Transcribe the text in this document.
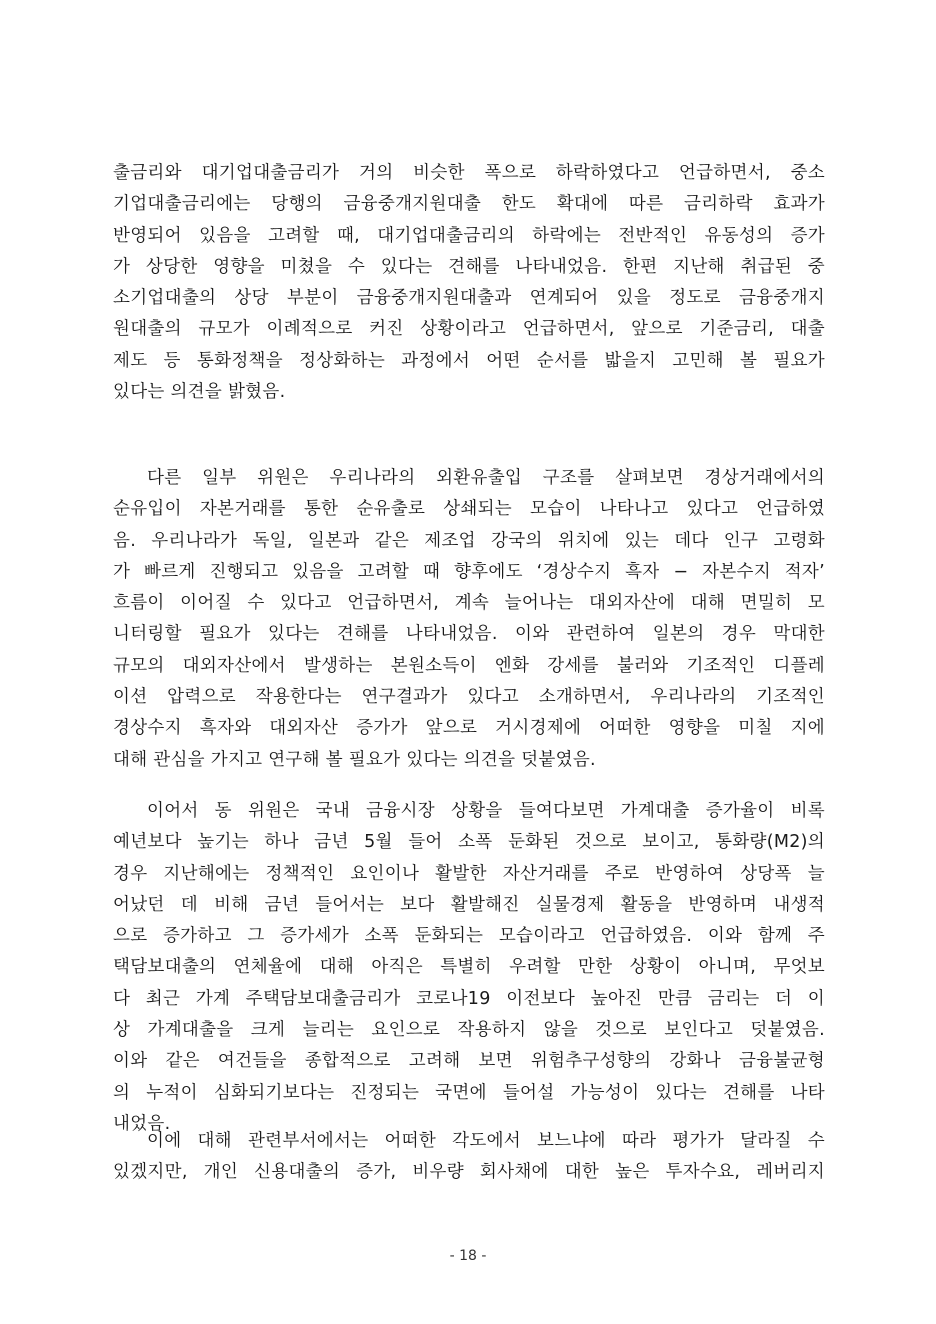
출금리와 대기업대출금리가 거의 비슷한 폭으로 하락하였다고 언급하면서, 중소
기업대출금리에는 당행의 금융중개지원대출 한도 확대에 따른 금리하락 효과가
반영되어 있음을 고려할 때, 대기업대출금리의 하락에는 전반적인 유동성의 증가
가 상당한 영향을 미쳤을 수 있다는 견해를 나타내었음. 한편 지난해 취급된 중
소기업대출의 상당 부분이 금융중개지원대출과 연계되어 있을 정도로 금융중개지
원대출의 규모가 이례적으로 커진 상황이라고 언급하면서, 앞으로 기준금리, 대출
제도 등 통화정책을 정상화하는 과정에서 어떤 순서를 밟을지 고민해 볼 필요가
있다는 의견을 밝혔음.
다른 일부 위원은 우리나라의 외환유출입 구조를 살펴보면 경상거래에서의
순유입이 자본거래를 통한 순유출로 상쇄되는 모습이 나타나고 있다고 언급하였
음. 우리나라가 독일, 일본과 같은 제조업 강국의 위치에 있는 데다 인구 고령화
가 빠르게 진행되고 있음을 고려할 때 향후에도 ‘경상수지 흑자 − 자본수지 적자’
흐름이 이어질 수 있다고 언급하면서, 계속 늘어나는 대외자산에 대해 면밀히 모
니터링할 필요가 있다는 견해를 나타내었음. 이와 관련하여 일본의 경우 막대한
규모의 대외자산에서 발생하는 본원소득이 엔화 강세를 불러와 기조적인 디플레
이션 압력으로 작용한다는 연구결과가 있다고 소개하면서, 우리나라의 기조적인
경상수지 흑자와 대외자산 증가가 앞으로 거시경제에 어떠한 영향을 미칠 지에
대해 관심을 가지고 연구해 볼 필요가 있다는 의견을 덧붙였음.
이어서 동 위원은 국내 금융시장 상황을 들여다보면 가계대출 증가율이 비록
예년보다 높기는 하나 금년 5월 들어 소폭 둔화된 것으로 보이고, 통화량(M2)의
경우 지난해에는 정책적인 요인이나 활발한 자산거래를 주로 반영하여 상당폭 늘
어났던 데 비해 금년 들어서는 보다 활발해진 실물경제 활동을 반영하며 내생적
으로 증가하고 그 증가세가 소폭 둔화되는 모습이라고 언급하였음. 이와 함께 주
택담보대출의 연체율에 대해 아직은 특별히 우려할 만한 상황이 아니며, 무엇보
다 최근 가계 주택담보대출금리가 코로나19 이전보다 높아진 만큼 금리는 더 이
상 가계대출을 크게 늘리는 요인으로 작용하지 않을 것으로 보인다고 덧붙였음.
이와 같은 여건들을 종합적으로 고려해 보면 위험추구성향의 강화나 금융불균형
의 누적이 심화되기보다는 진정되는 국면에 들어설 가능성이 있다는 견해를 나타
내었음.
이에 대해 관련부서에서는 어떠한 각도에서 보느냐에 따라 평가가 달라질 수
있겠지만, 개인 신용대출의 증가, 비우량 회사채에 대한 높은 투자수요, 레버리지
- 18 -
